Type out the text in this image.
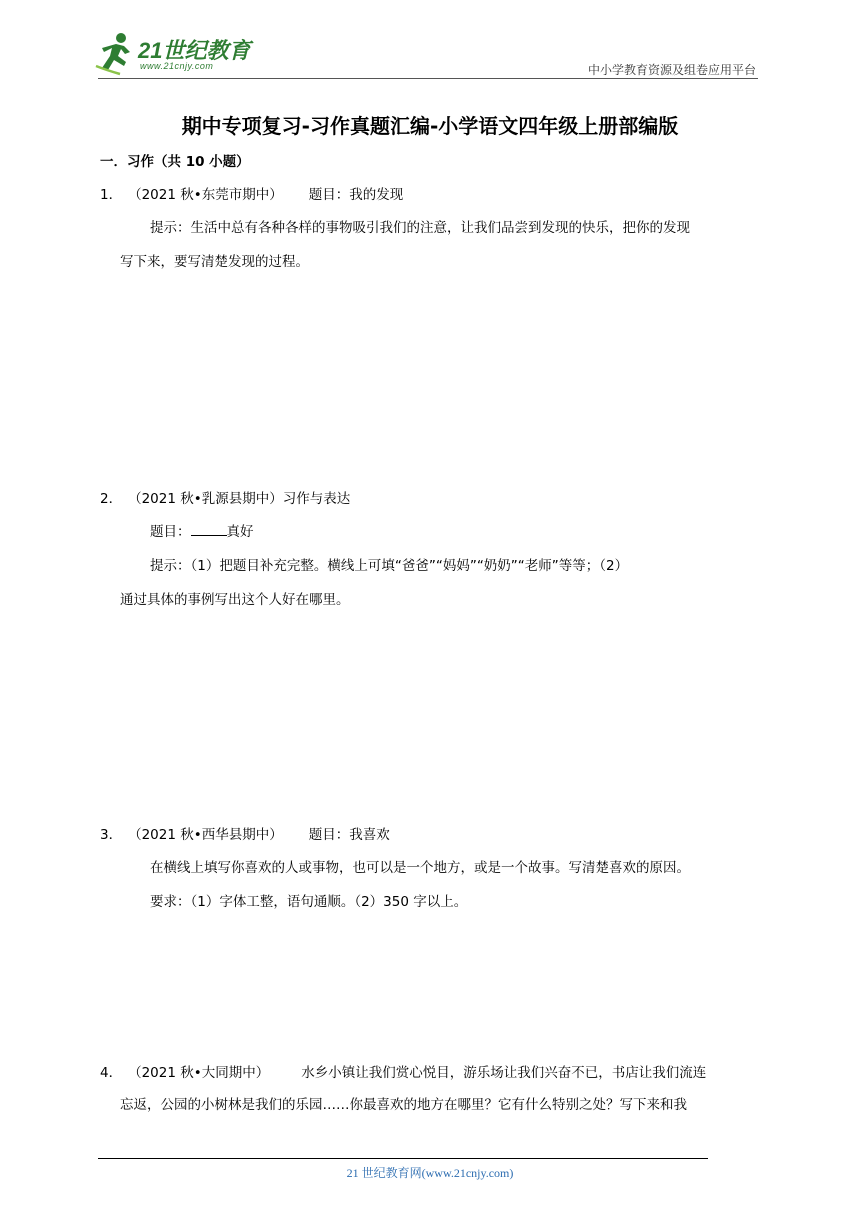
21世纪教育
www.21cnjy.com	中小学教育资源及组卷应用平台
期中专项复习-习作真题汇编-小学语文四年级上册部编版
一．习作（共 10 小题）
1． （2021 秋•东莞市期中） 题目：我的发现
提示：生活中总有各种各样的事物吸引我们的注意，让我们品尝到发现的快乐，把你的发现
写下来，要写清楚发现的过程。
2． （2021 秋•乳源县期中）习作与表达
题目：	真好
提示：（1）把题目补充完整。横线上可填“爸爸”“妈妈”“奶奶”“老师”等等；（2）
通过具体的事例写出这个人好在哪里。
3． （2021 秋•西华县期中） 题目：我喜欢
在横线上填写你喜欢的人或事物，也可以是一个地方，或是一个故事。写清楚喜欢的原因。
要求：（1）字体工整，语句通顺。（2）350 字以上。
4． （2021 秋•大同期中） 水乡小镇让我们赏心悦目，游乐场让我们兴奋不已，书店让我们流连
忘返，公园的小树林是我们的乐园……你最喜欢的地方在哪里？它有什么特别之处？写下来和我
21 世纪教育网(www.21cnjy.com)
